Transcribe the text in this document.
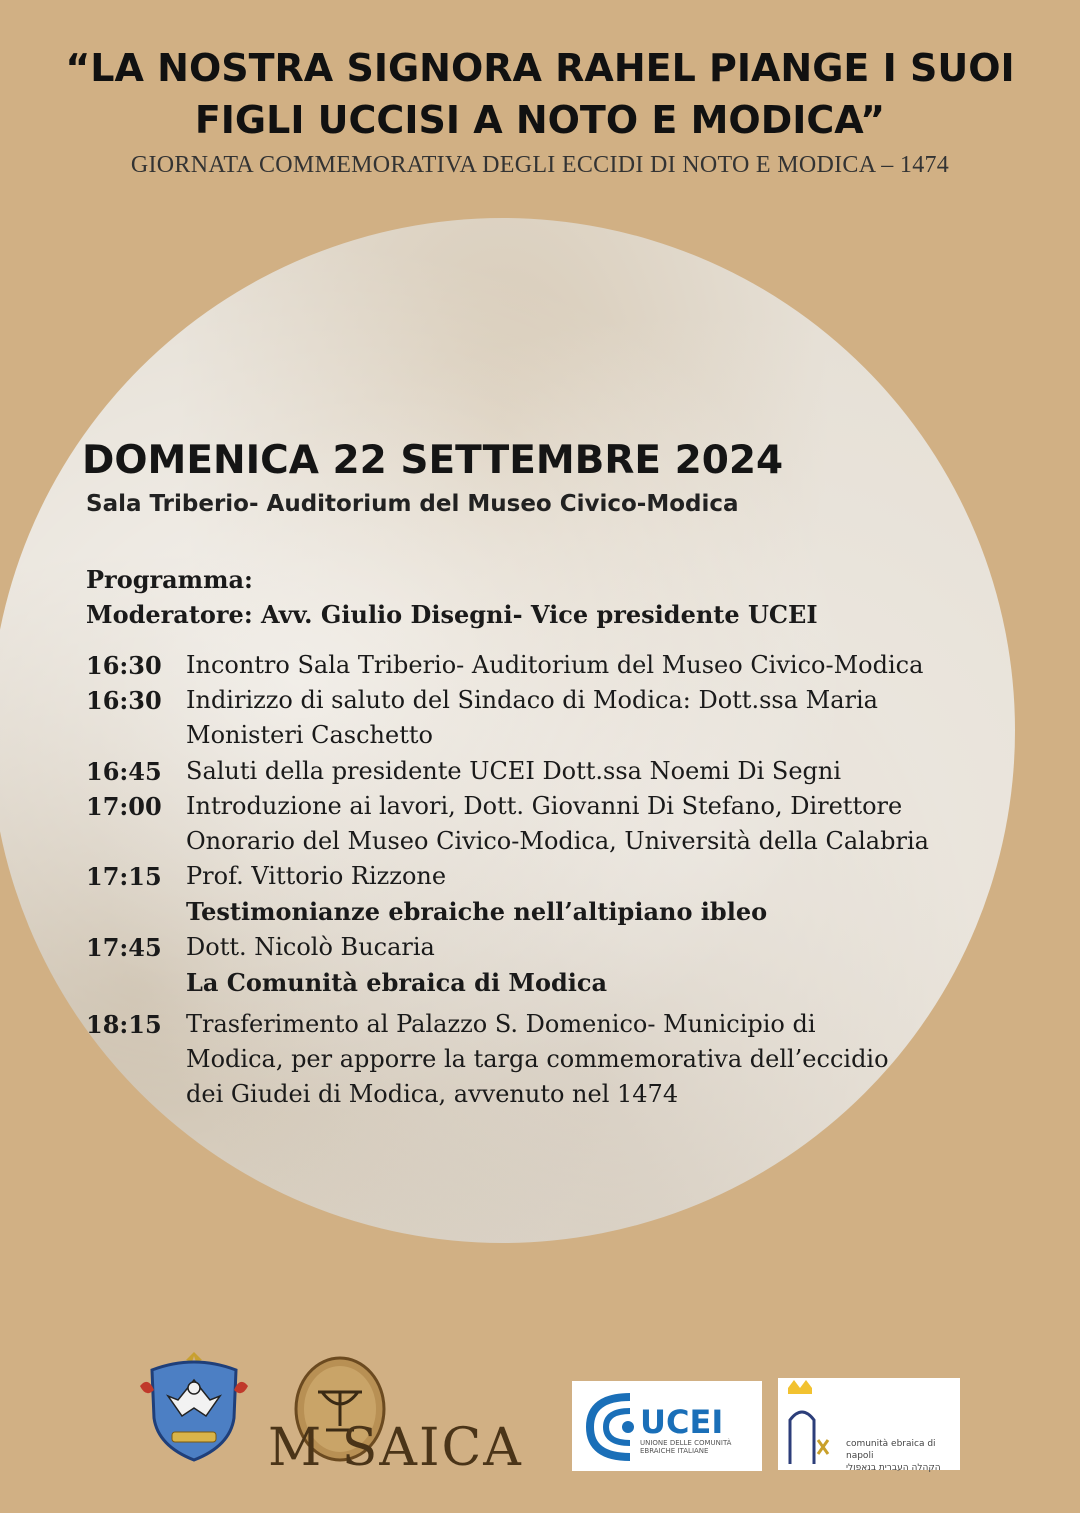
“LA NOSTRA SIGNORA RAHEL PIANGE I SUOI
FIGLI UCCISI A NOTO E MODICA”
GIORNATA COMMEMORATIVA DEGLI ECCIDI DI NOTO E MODICA – 1474
DOMENICA 22 SETTEMBRE 2024
Sala Triberio- Auditorium del Museo Civico-Modica
Programma:
Moderatore: Avv. Giulio Disegni- Vice presidente UCEI
16:30 Incontro Sala Triberio- Auditorium del Museo Civico-Modica
16:30 Indirizzo di saluto del Sindaco di Modica: Dott.ssa Maria
Monisteri Caschetto
16:45 Saluti della presidente UCEI Dott.ssa Noemi Di Segni
17:00 Introduzione ai lavori, Dott. Giovanni Di Stefano, Direttore
Onorario del Museo Civico-Modica, Università della Calabria
17:15 Prof. Vittorio Rizzone
Testimonianze ebraiche nell’altipiano ibleo
17:45 Dott. Nicolò Bucaria
La Comunità ebraica di Modica
18:15 Trasferimento al Palazzo S. Domenico- Municipio di
Modica, per apporre la targa commemorativa dell’eccidio
dei Giudei di Modica, avvenuto nel 1474
M SAICA	UCEI
UNIONE DELLE COMUNITÀ EBRAICHE ITALIANE
comunità ebraica di napoli
הקהלה העברית בנאפולי
